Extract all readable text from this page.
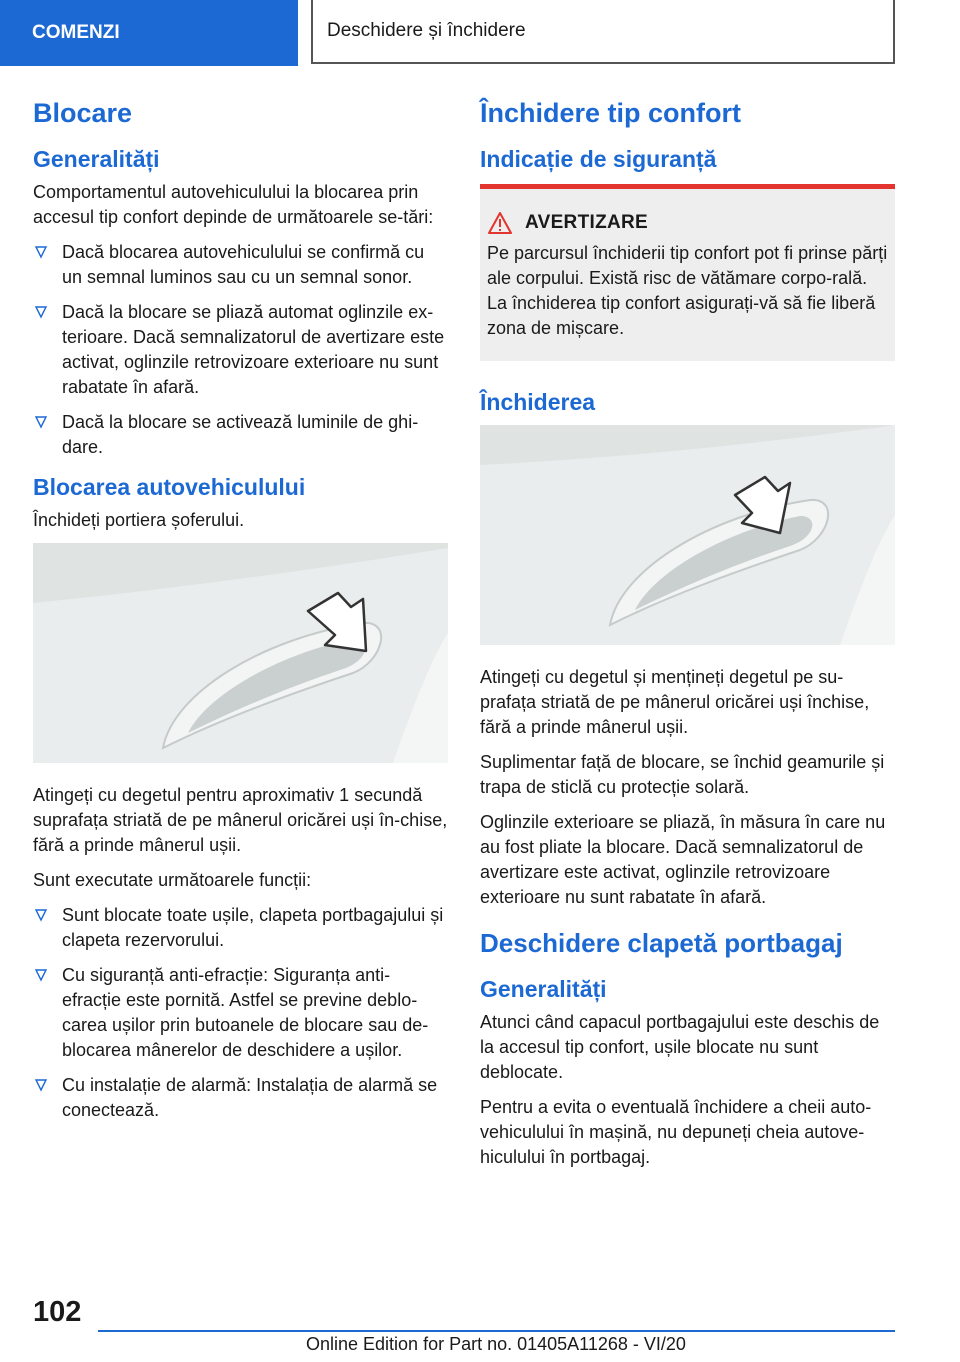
COMENZI	Deschidere și închidere
Blocare
Generalități

Comportamentul autovehiculului la blocarea prin accesul tip confort depinde de următoarele se-tări:

Dacă blocarea autovehiculului se confirmă cu un semnal luminos sau cu un semnal sonor.
Dacă la blocare se pliază automat oglinzile ex-terioare. Dacă semnalizatorul de avertizare este activat, oglinzile retrovizoare exterioare nu sunt rabatate în afară.
Dacă la blocare se activează luminile de ghi-dare.
Blocarea autovehiculului

Închideți portiera șoferului.

Atingeți cu degetul pentru aproximativ 1 secundă suprafața striată de pe mânerul oricărei uși în-chise, fără a prinde mânerul ușii.

Sunt executate următoarele funcții:

Sunt blocate toate ușile, clapeta portbagajului și clapeta rezervorului.
Cu siguranță anti-efracție: Siguranța anti-efracție este pornită. Astfel se previne deblo-carea ușilor prin butoanele de blocare sau de-blocarea mânerelor de deschidere a ușilor.
Cu instalație de alarmă: Instalația de alarmă se conectează.
Închidere tip confort
Indicație de siguranță
AVERTIZARE

Pe parcursul închiderii tip confort pot fi prinse părți ale corpului. Există risc de vătămare corpo-rală. La închiderea tip confort asigurați-vă să fie liberă zona de mișcare.

Închiderea

Atingeți cu degetul și mențineți degetul pe su-prafața striată de pe mânerul oricărei uși închise, fără a prinde mânerul ușii.

Suplimentar față de blocare, se închid geamurile și trapa de sticlă cu protecție solară.

Oglinzile exterioare se pliază, în măsura în care nu au fost pliate la blocare. Dacă semnalizatorul de avertizare este activat, oglinzile retrovizoare exterioare nu sunt rabatate în afară.

Deschidere clapetă portbagaj
Generalități

Atunci când capacul portbagajului este deschis de la accesul tip confort, ușile blocate nu sunt deblocate.

Pentru a evita o eventuală închidere a cheii auto-vehiculului în mașină, nu depuneți cheia autove-hiculului în portbagaj.

102
Online Edition for Part no. 01405A11268 - VI/20
